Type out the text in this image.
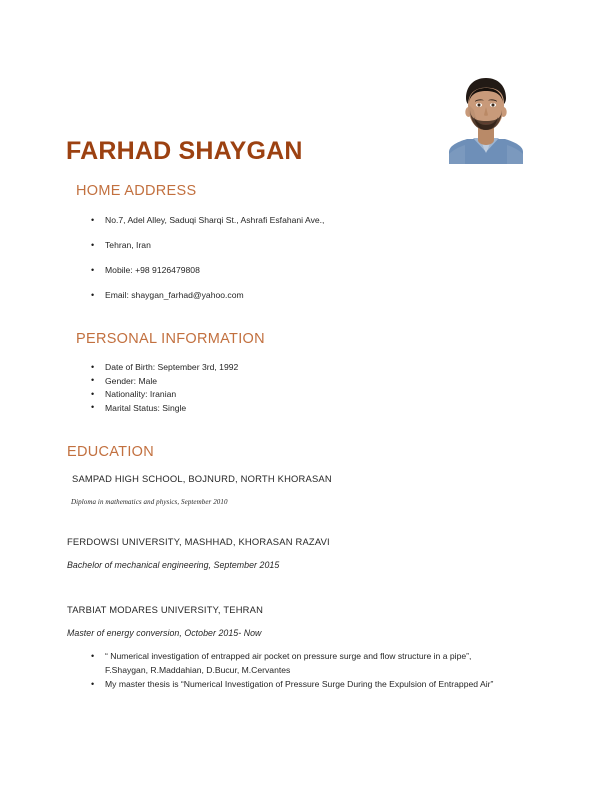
FARHAD SHAYGAN
HOME ADDRESS
• No.7, Adel Alley, Saduqi Sharqi St., Ashrafi Esfahani Ave.,
• Tehran, Iran
• Mobile: +98 9126479808
• Email: shaygan_farhad@yahoo.com
PERSONAL INFORMATION
• Date of Birth: September 3rd, 1992
• Gender: Male
• Nationality: Iranian
• Marital Status: Single
EDUCATION
SAMPAD HIGH SCHOOL, BOJNURD, NORTH KHORASAN
Diploma in mathematics and physics, September 2010
FERDOWSI UNIVERSITY, MASHHAD, KHORASAN RAZAVI
Bachelor of mechanical engineering, September 2015
TARBIAT MODARES UNIVERSITY, TEHRAN
Master of energy conversion, October 2015- Now
• “ Numerical investigation of entrapped air pocket on pressure surge and flow structure in a pipe”, F.Shaygan, R.Maddahian, D.Bucur, M.Cervantes
• My master thesis is “Numerical Investigation of Pressure Surge During the Expulsion of Entrapped Air”
